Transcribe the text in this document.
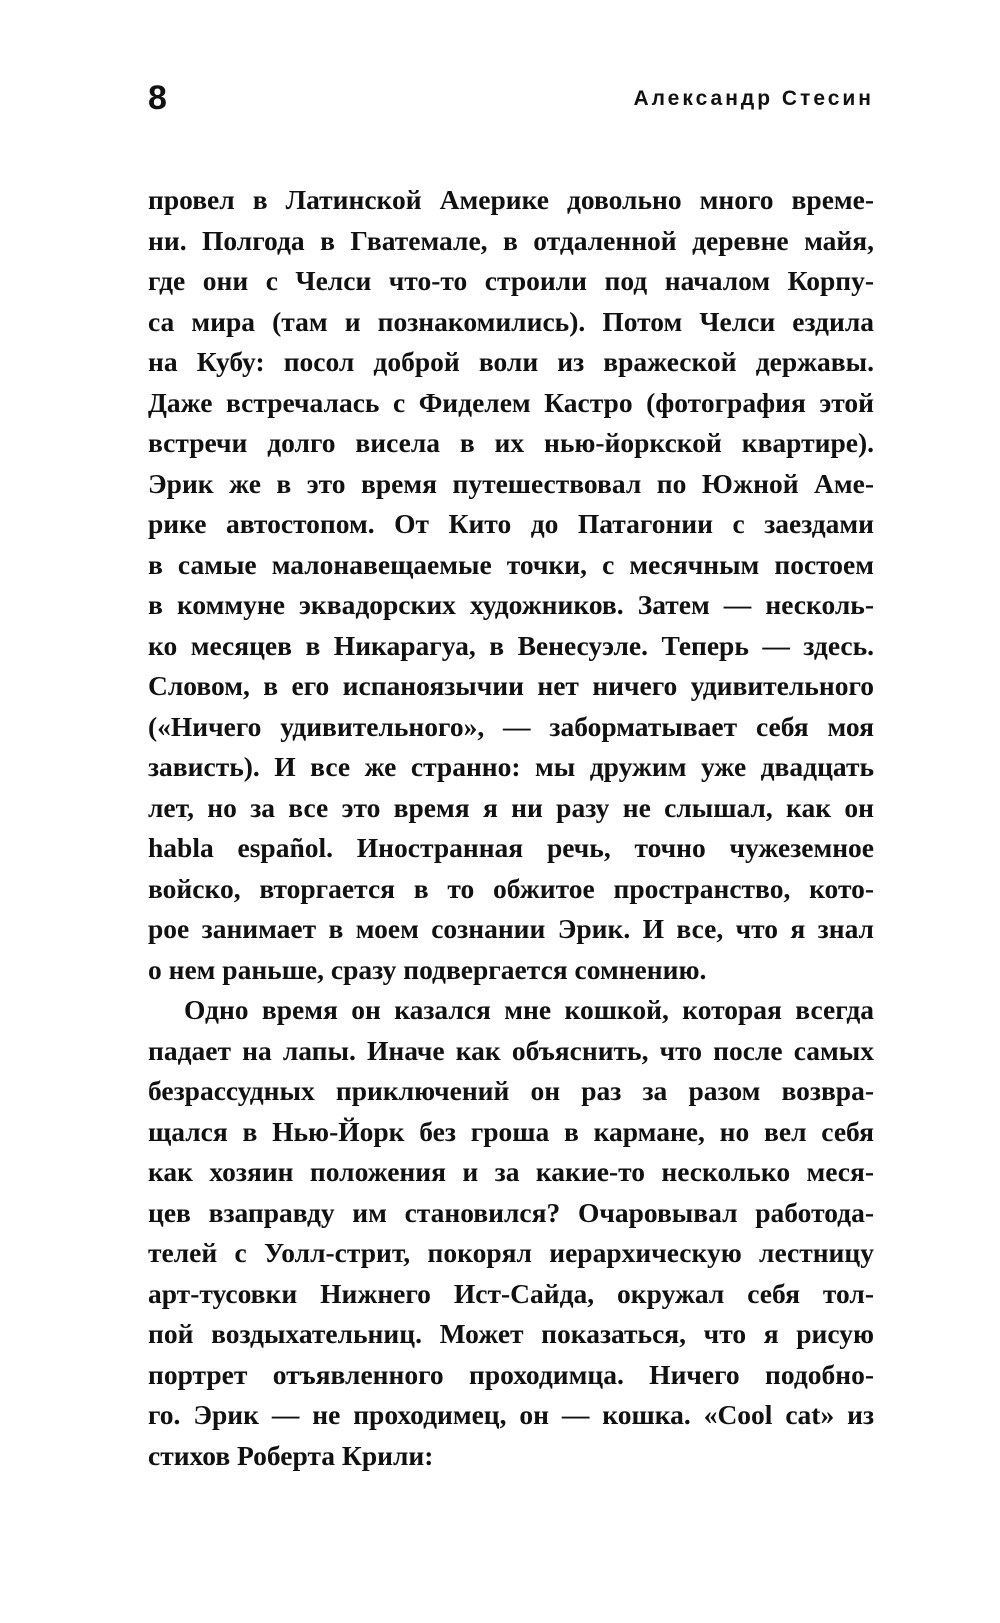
8	Александр Стесин

провел в Латинской Америке довольно много време-
ни. Полгода в Гватемале, в отдаленной деревне майя,
где они с Челси что-то строили под началом Корпу-
са мира (там и познакомились). Потом Челси ездила
на Кубу: посол доброй воли из вражеской державы.
Даже встречалась с Фиделем Кастро (фотография этой
встречи долго висела в их нью-йоркской квартире).
Эрик же в это время путешествовал по Южной Аме-
рике автостопом. От Кито до Патагонии с заездами
в самые малонавещаемые точки, с месячным постоем
в коммуне эквадорских художников. Затем — несколь-
ко месяцев в Никарагуа, в Венесуэле. Теперь — здесь.
Словом, в его испаноязычии нет ничего удивительного
(«Ничего удивительного», — заборматывает себя моя
зависть). И все же странно: мы дружим уже двадцать
лет, но за все это время я ни разу не слышал, как он
habla español. Иностранная речь, точно чужеземное
войско, вторгается в то обжитое пространство, кото-
рое занимает в моем сознании Эрик. И все, что я знал
о нем раньше, сразу подвергается сомнению.

Одно время он казался мне кошкой, которая всегда
падает на лапы. Иначе как объяснить, что после самых
безрассудных приключений он раз за разом возвра-
щался в Нью-Йорк без гроша в кармане, но вел себя
как хозяин положения и за какие-то несколько меся-
цев взаправду им становился? Очаровывал работода-
телей с Уолл-стрит, покорял иерархическую лестницу
арт-тусовки Нижнего Ист-Сайда, окружал себя тол-
пой воздыхательниц. Может показаться, что я рисую
портрет отъявленного проходимца. Ничего подобно-
го. Эрик — не проходимец, он — кошка. «Cool cat» из
стихов Роберта Крили:
